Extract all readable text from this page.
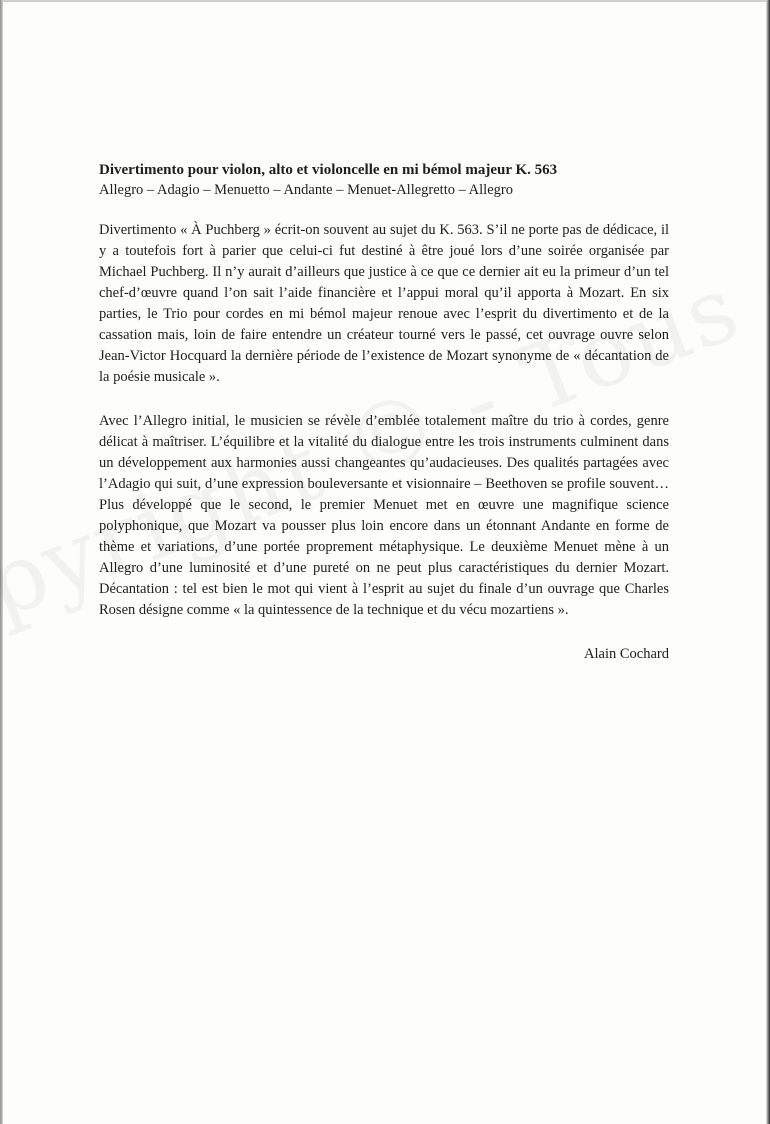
Divertimento pour violon, alto et violoncelle en mi bémol majeur K. 563

Allegro – Adagio – Menuetto – Andante – Menuet-Allegretto – Allegro

Divertimento « À Puchberg » écrit-on souvent au sujet du K. 563. S’il ne porte pas de dédicace, il y a toutefois fort à parier que celui-ci fut destiné à être joué lors d’une soirée organisée par Michael Puchberg. Il n’y aurait d’ailleurs que justice à ce que ce dernier ait eu la primeur d’un tel chef-d’œuvre quand l’on sait l’aide financière et l’appui moral qu’il apporta à Mozart. En six parties, le Trio pour cordes en mi bémol majeur renoue avec l’esprit du divertimento et de la cassation mais, loin de faire entendre un créateur tourné vers le passé, cet ouvrage ouvre selon Jean-Victor Hocquard la dernière période de l’existence de Mozart synonyme de « décantation de la poésie musicale ».

Avec l’Allegro initial, le musicien se révèle d’emblée totalement maître du trio à cordes, genre délicat à maîtriser. L’équilibre et la vitalité du dialogue entre les trois instruments culminent dans un développement aux harmonies aussi changeantes qu’audacieuses. Des qualités partagées avec l’Adagio qui suit, d’une expression bouleversante et visionnaire – Beethoven se profile souvent… Plus développé que le second, le premier Menuet met en œuvre une magnifique science polyphonique, que Mozart va pousser plus loin encore dans un étonnant Andante en forme de thème et variations, d’une portée proprement métaphysique. Le deuxième Menuet mène à un Allegro d’une luminosité et d’une pureté on ne peut plus caractéristiques du dernier Mozart. Décantation : tel est bien le mot qui vient à l’esprit au sujet du finale d’un ouvrage que Charles Rosen désigne comme « la quintessence de la technique et du vécu mozartiens ».

Alain Cochard
